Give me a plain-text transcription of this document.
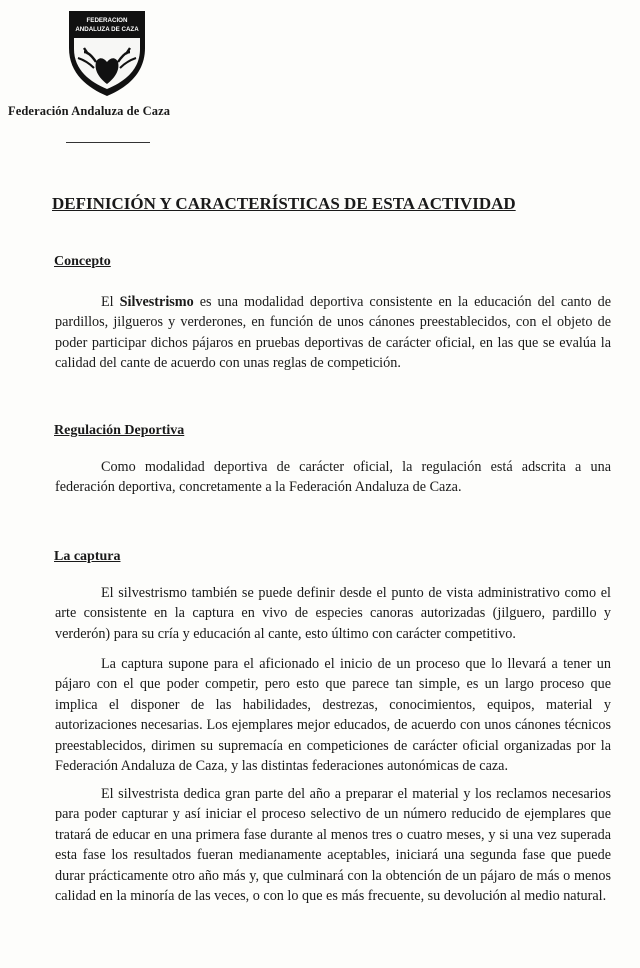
FEDERACION
ANDALUZA DE CAZA
Federación Andaluza de Caza
DEFINICIÓN Y CARACTERÍSTICAS DE ESTA ACTIVIDAD
Concepto

El Silvestrismo es una modalidad deportiva consistente en la educación del canto de pardillos, jilgueros y verderones, en función de unos cánones preestablecidos, con el objeto de poder participar dichos pájaros en pruebas deportivas de carácter oficial, en las que se evalúa la calidad del cante de acuerdo con unas reglas de competición.

Regulación Deportiva

Como modalidad deportiva de carácter oficial, la regulación está adscrita a una federación deportiva, concretamente a la Federación Andaluza de Caza.

La captura

El silvestrismo también se puede definir desde el punto de vista administrativo como el arte consistente en la captura en vivo de especies canoras autorizadas (jilguero, pardillo y verderón) para su cría y educación al cante, esto último con carácter competitivo.

La captura supone para el aficionado el inicio de un proceso que lo llevará a tener un pájaro con el que poder competir, pero esto que parece tan simple, es un largo proceso que implica el disponer de las habilidades, destrezas, conocimientos, equipos, material y autorizaciones necesarias. Los ejemplares mejor educados, de acuerdo con unos cánones técnicos preestablecidos, dirimen su supremacía en competiciones de carácter oficial organizadas por la Federación Andaluza de Caza, y las distintas federaciones autonómicas de caza.

El silvestrista dedica gran parte del año a preparar el material y los reclamos necesarios para poder capturar y así iniciar el proceso selectivo de un número reducido de ejemplares que tratará de educar en una primera fase durante al menos tres o cuatro meses, y si una vez superada esta fase los resultados fueran medianamente aceptables, iniciará una segunda fase que puede durar prácticamente otro año más y, que culminará con la obtención de un pájaro de más o menos calidad en la minoría de las veces, o con lo que es más frecuente, su devolución al medio natural.
